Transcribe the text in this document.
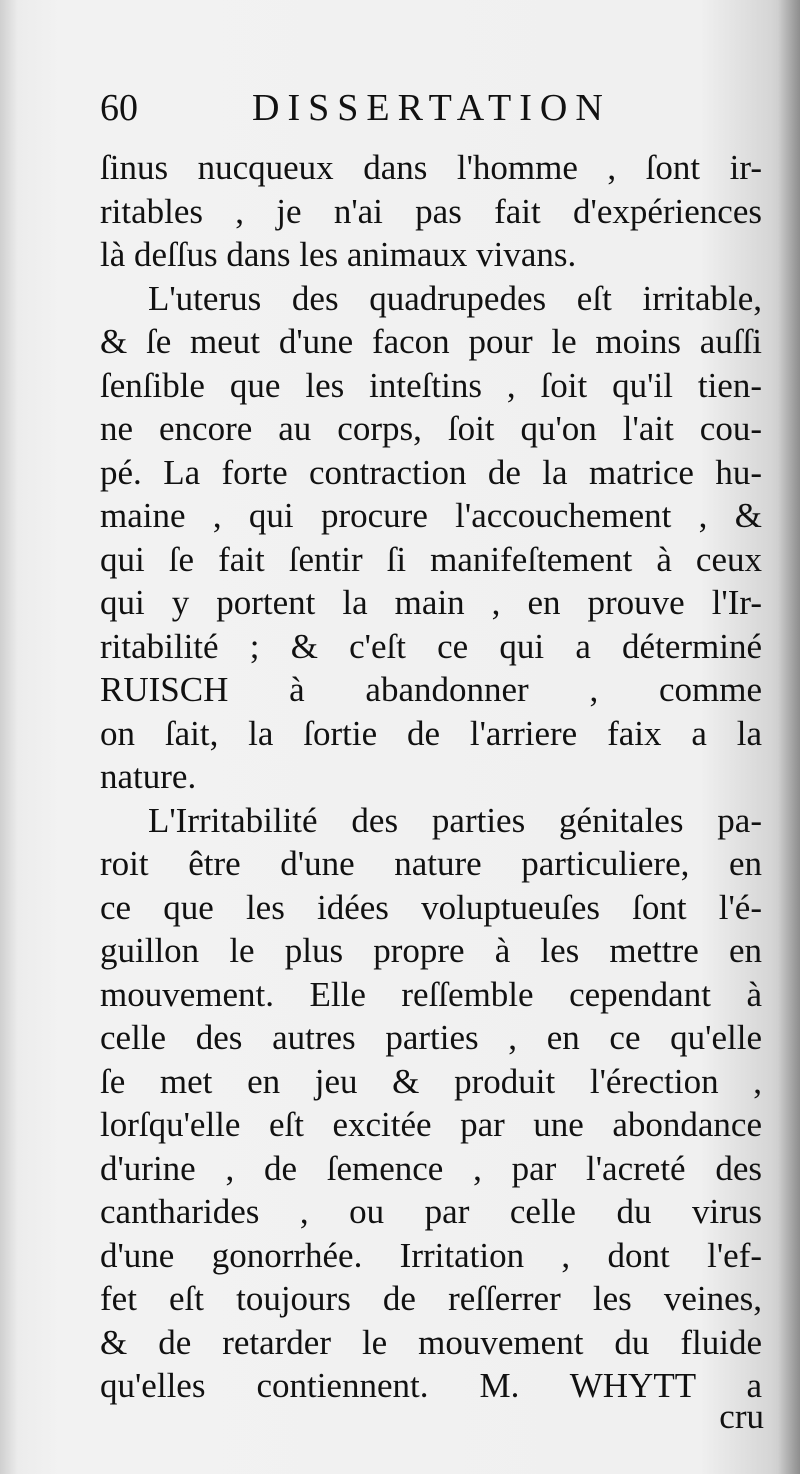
60	DISSERTATION
ſinus nucqueux dans l'homme , ſont ir-
ritables , je n'ai pas fait d'expériences
là deſſus dans les animaux vivans.
L'uterus des quadrupedes eſt irritable,
& ſe meut d'une facon pour le moins auſſi
ſenſible que les inteſtins , ſoit qu'il tien-
ne encore au corps, ſoit qu'on l'ait cou-
pé. La forte contraction de la matrice hu-
maine , qui procure l'accouchement , &
qui ſe fait ſentir ſi manifeſtement à ceux
qui y portent la main , en prouve l'Ir-
ritabilité ; & c'eſt ce qui a déterminé
RUISCH à abandonner , comme
on ſait, la ſortie de l'arriere faix a la
nature.
L'Irritabilité des parties génitales pa-
roit être d'une nature particuliere, en
ce que les idées voluptueuſes ſont l'é-
guillon le plus propre à les mettre en
mouvement. Elle reſſemble cependant à
celle des autres parties , en ce qu'elle
ſe met en jeu & produit l'érection ,
lorſqu'elle eſt excitée par une abondance
d'urine , de ſemence , par l'acreté des
cantharides , ou par celle du virus
d'une gonorrhée. Irritation , dont l'ef-
fet eſt toujours de reſſerrer les veines,
& de retarder le mouvement du fluide
qu'elles contiennent. M. WHYTT a
cru
